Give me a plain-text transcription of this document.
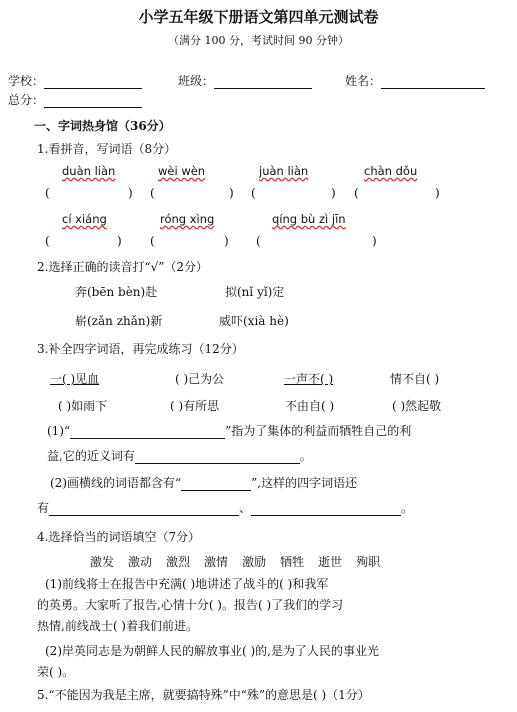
小学五年级下册语文第四单元测试卷
（满分 100 分，考试时间 90 分钟）
学校：	班级：	姓名：
总分：
一、字词热身馆（36分）
1.看拼音，写词语（8分）
duàn liàn	wèi wèn	juàn liàn	chàn dǒu
(	) (	) (	) (	)
cí xiáng	róng xìng	qíng bù zì jīn
(	) (	) (	)
2.选择正确的读音打“√”（2分）
奔(bēn bèn)赴	拟(nǐ yǐ)定
崭(zǎn zhǎn)新	威吓(xià hè)
3.补全四字词语，再完成练习（12分）
一( )见血	( )己为公	一声不( )	情不自( )
( )如雨下	( )有所思	不由自( )	( )然起敬
(1)“	”指为了集体的利益而牺牲自己的利
益,它的近义词有	。
(2)画横线的词语都含有“	”,这样的四字词语还
有	、	。
4.选择恰当的词语填空（7分）
激发 激动 激烈 激情 激励 牺牲 逝世 殉职
(1)前线将士在报告中充满( )地讲述了战斗的( )和我军
的英勇。大家听了报告,心情十分( )。报告( )了我们的学习
热情,前线战士( )着我们前进。
(2)岸英同志是为朝鲜人民的解放事业( )的,是为了人民的事业光
荣( )。
5.“不能因为我是主席，就要搞特殊”中“殊”的意思是( )（1分）
